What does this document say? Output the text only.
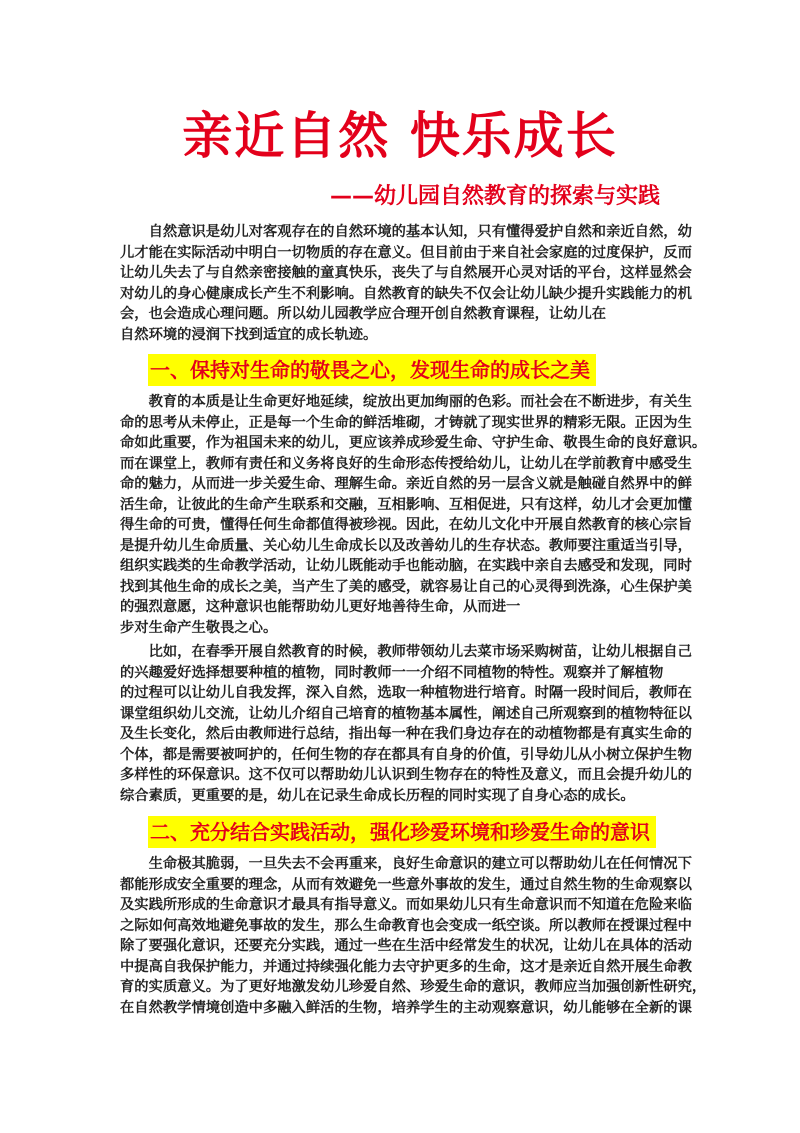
亲近自然 快乐成长
——幼儿园自然教育的探索与实践
　　自然意识是幼儿对客观存在的自然环境的基本认知，只有懂得爱护自然和亲近自然，幼
儿才能在实际活动中明白一切物质的存在意义。但目前由于来自社会家庭的过度保护，反而
让幼儿失去了与自然亲密接触的童真快乐，丧失了与自然展开心灵对话的平台，这样显然会
对幼儿的身心健康成长产生不利影响。自然教育的缺失不仅会让幼儿缺少提升实践能力的机
会，也会造成心理问题。所以幼儿园教学应合理开创自然教育课程，让幼儿在
自然环境的浸润下找到适宜的成长轨迹。
一、保持对生命的敬畏之心，发现生命的成长之美
　　教育的本质是让生命更好地延续，绽放出更加绚丽的色彩。而社会在不断进步，有关生
命的思考从未停止，正是每一个生命的鲜活堆砌，才铸就了现实世界的精彩无限。正因为生
命如此重要，作为祖国未来的幼儿，更应该养成珍爱生命、守护生命、敬畏生命的良好意识。
而在课堂上，教师有责任和义务将良好的生命形态传授给幼儿，让幼儿在学前教育中感受生
命的魅力，从而进一步关爱生命、理解生命。亲近自然的另一层含义就是触碰自然界中的鲜
活生命，让彼此的生命产生联系和交融，互相影响、互相促进，只有这样，幼儿才会更加懂
得生命的可贵，懂得任何生命都值得被珍视。因此，在幼儿文化中开展自然教育的核心宗旨
是提升幼儿生命质量、关心幼儿生命成长以及改善幼儿的生存状态。教师要注重适当引导，
组织实践类的生命教学活动，让幼儿既能动手也能动脑，在实践中亲自去感受和发现，同时
找到其他生命的成长之美，当产生了美的感受，就容易让自己的心灵得到洗涤，心生保护美
的强烈意愿，这种意识也能帮助幼儿更好地善待生命，从而进一
步对生命产生敬畏之心。
　　比如，在春季开展自然教育的时候，教师带领幼儿去菜市场采购树苗，让幼儿根据自己
的兴趣爱好选择想要种植的植物，同时教师一一介绍不同植物的特性。观察并了解植物
的过程可以让幼儿自我发挥，深入自然，选取一种植物进行培育。时隔一段时间后，教师在
课堂组织幼儿交流，让幼儿介绍自己培育的植物基本属性，阐述自己所观察到的植物特征以
及生长变化，然后由教师进行总结，指出每一种在我们身边存在的动植物都是有真实生命的
个体，都是需要被呵护的，任何生物的存在都具有自身的价值，引导幼儿从小树立保护生物
多样性的环保意识。这不仅可以帮助幼儿认识到生物存在的特性及意义，而且会提升幼儿的
综合素质，更重要的是，幼儿在记录生命成长历程的同时实现了自身心态的成长。
二、充分结合实践活动，强化珍爱环境和珍爱生命的意识
　　生命极其脆弱，一旦失去不会再重来，良好生命意识的建立可以帮助幼儿在任何情况下
都能形成安全重要的理念，从而有效避免一些意外事故的发生，通过自然生物的生命观察以
及实践所形成的生命意识才最具有指导意义。而如果幼儿只有生命意识而不知道在危险来临
之际如何高效地避免事故的发生，那么生命教育也会变成一纸空谈。所以教师在授课过程中
除了要强化意识，还要充分实践，通过一些在生活中经常发生的状况，让幼儿在具体的活动
中提高自我保护能力，并通过持续强化能力去守护更多的生命，这才是亲近自然开展生命教
育的实质意义。为了更好地激发幼儿珍爱自然、珍爱生命的意识，教师应当加强创新性研究，
在自然教学情境创造中多融入鲜活的生物，培养学生的主动观察意识，幼儿能够在全新的课
